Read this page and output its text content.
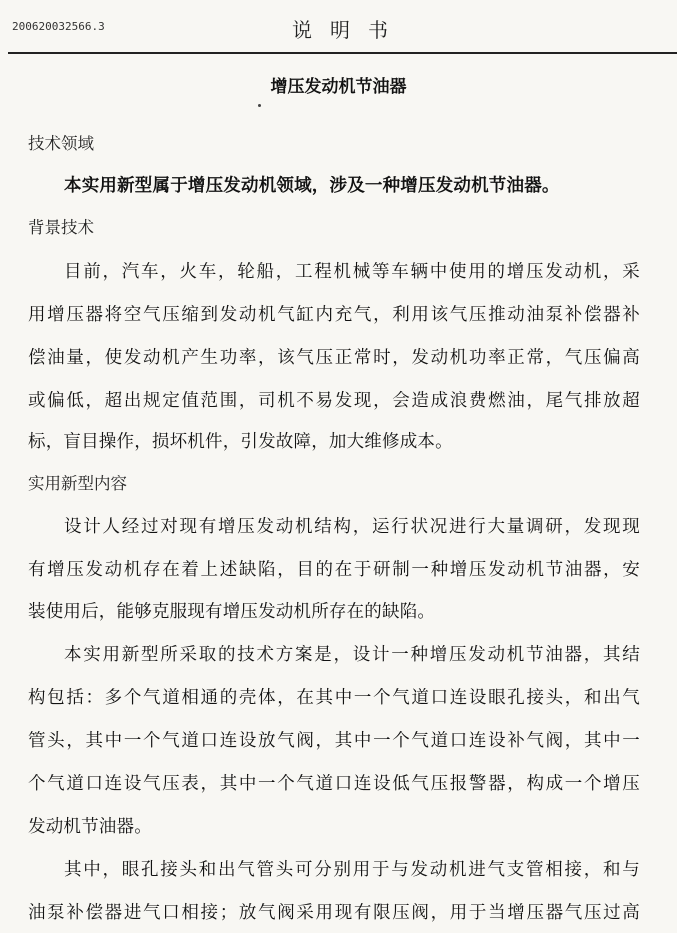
200620032566.3	说明书
增压发动机节油器
技术领域
本实用新型属于增压发动机领域，涉及一种增压发动机节油器。
背景技术
目前，汽车，火车，轮船，工程机械等车辆中使用的增压发动机，采
用增压器将空气压缩到发动机气缸内充气，利用该气压推动油泵补偿器补
偿油量，使发动机产生功率，该气压正常时，发动机功率正常，气压偏高
或偏低，超出规定值范围，司机不易发现，会造成浪费燃油，尾气排放超
标，盲目操作，损坏机件，引发故障，加大维修成本。
实用新型内容
设计人经过对现有增压发动机结构，运行状况进行大量调研，发现现
有增压发动机存在着上述缺陷，目的在于研制一种增压发动机节油器，安
装使用后，能够克服现有增压发动机所存在的缺陷。
本实用新型所采取的技术方案是，设计一种增压发动机节油器，其结
构包括：多个气道相通的壳体，在其中一个气道口连设眼孔接头，和出气
管头，其中一个气道口连设放气阀，其中一个气道口连设补气阀，其中一
个气道口连设气压表，其中一个气道口连设低气压报警器，构成一个增压
发动机节油器。
其中，眼孔接头和出气管头可分别用于与发动机进气支管相接，和与
油泵补偿器进气口相接；放气阀采用现有限压阀，用于当增压器气压过高
